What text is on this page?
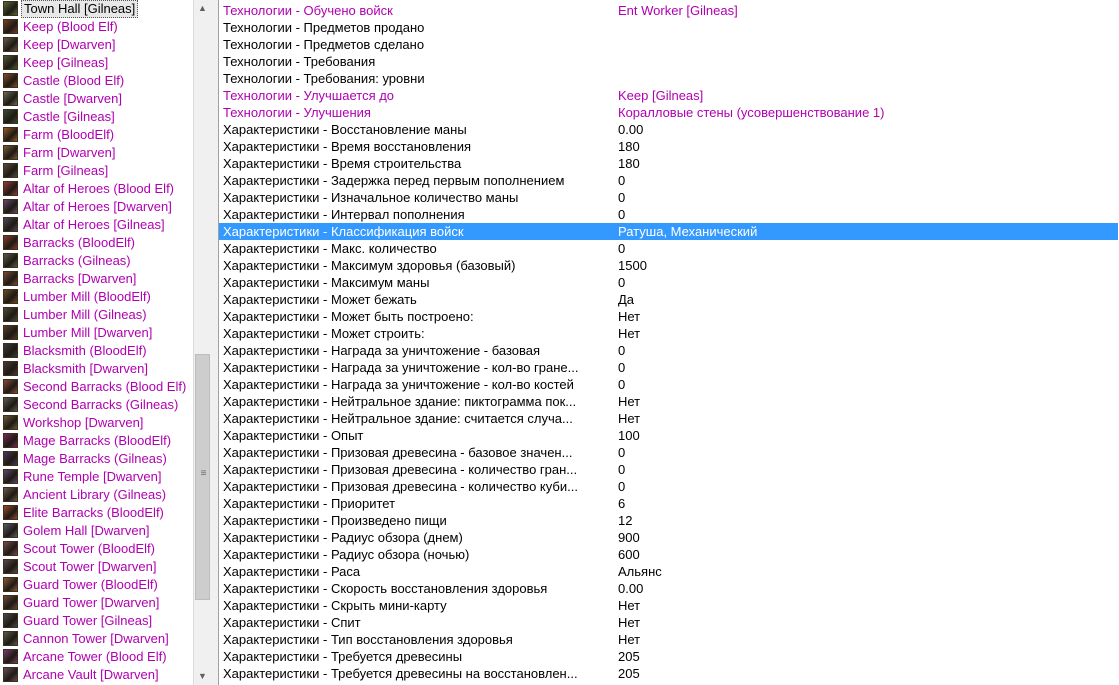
Town Hall [Gilneas]
Keep (Blood Elf)
Keep [Dwarven]
Keep [Gilneas]
Castle (Blood Elf)
Castle [Dwarven]
Castle [Gilneas]
Farm (BloodElf)
Farm [Dwarven]
Farm [Gilneas]
Altar of Heroes (Blood Elf)
Altar of Heroes [Dwarven]
Altar of Heroes [Gilneas]
Barracks (BloodElf)
Barracks (Gilneas)
Barracks [Dwarven]
Lumber Mill (BloodElf)
Lumber Mill (Gilneas)
Lumber Mill [Dwarven]
Blacksmith (BloodElf)
Blacksmith [Dwarven]
Second Barracks (Blood Elf)
Second Barracks (Gilneas)
Workshop [Dwarven]
Mage Barracks (BloodElf)
Mage Barracks (Gilneas)
Rune Temple [Dwarven]
Ancient Library (Gilneas)
Elite Barracks (BloodElf)
Golem Hall [Dwarven]
Scout Tower (BloodElf)
Scout Tower [Dwarven]
Guard Tower (BloodElf)
Guard Tower [Dwarven]
Guard Tower [Gilneas]
Cannon Tower [Dwarven]
Arcane Tower (Blood Elf)
Arcane Vault [Dwarven]
▲
≡
▼
Технологии - Обучено войск	Ent Worker [Gilneas]
Технологии - Предметов продано
Технологии - Предметов сделано
Технологии - Требования
Технологии - Требования: уровни
Технологии - Улучшается до	Keep [Gilneas]
Технологии - Улучшения	Коралловые стены (усовершенствование 1)
Характеристики - Восстановление маны	0.00
Характеристики - Время восстановления	180
Характеристики - Время строительства	180
Характеристики - Задержка перед первым пополнением	0
Характеристики - Изначальное количество маны	0
Характеристики - Интервал пополнения	0
Характеристики - Классификация войск	Ратуша, Механический
Характеристики - Макс. количество	0
Характеристики - Максимум здоровья (базовый)	1500
Характеристики - Максимум маны	0
Характеристики - Может бежать	Да
Характеристики - Может быть построено:	Нет
Характеристики - Может строить:	Нет
Характеристики - Награда за уничтожение - базовая	0
Характеристики - Награда за уничтожение - кол-во гране...	0
Характеристики - Награда за уничтожение - кол-во костей	0
Характеристики - Нейтральное здание: пиктограмма пок...	Нет
Характеристики - Нейтральное здание: считается случа...	Нет
Характеристики - Опыт	100
Характеристики - Призовая древесина - базовое значен...	0
Характеристики - Призовая древесина - количество гран...	0
Характеристики - Призовая древесина - количество куби...	0
Характеристики - Приоритет	6
Характеристики - Произведено пищи	12
Характеристики - Радиус обзора (днем)	900
Характеристики - Радиус обзора (ночью)	600
Характеристики - Раса	Альянс
Характеристики - Скорость восстановления здоровья	0.00
Характеристики - Скрыть мини-карту	Нет
Характеристики - Спит	Нет
Характеристики - Тип восстановления здоровья	Нет
Характеристики - Требуется древесины	205
Характеристики - Требуется древесины на восстановлен...	205
